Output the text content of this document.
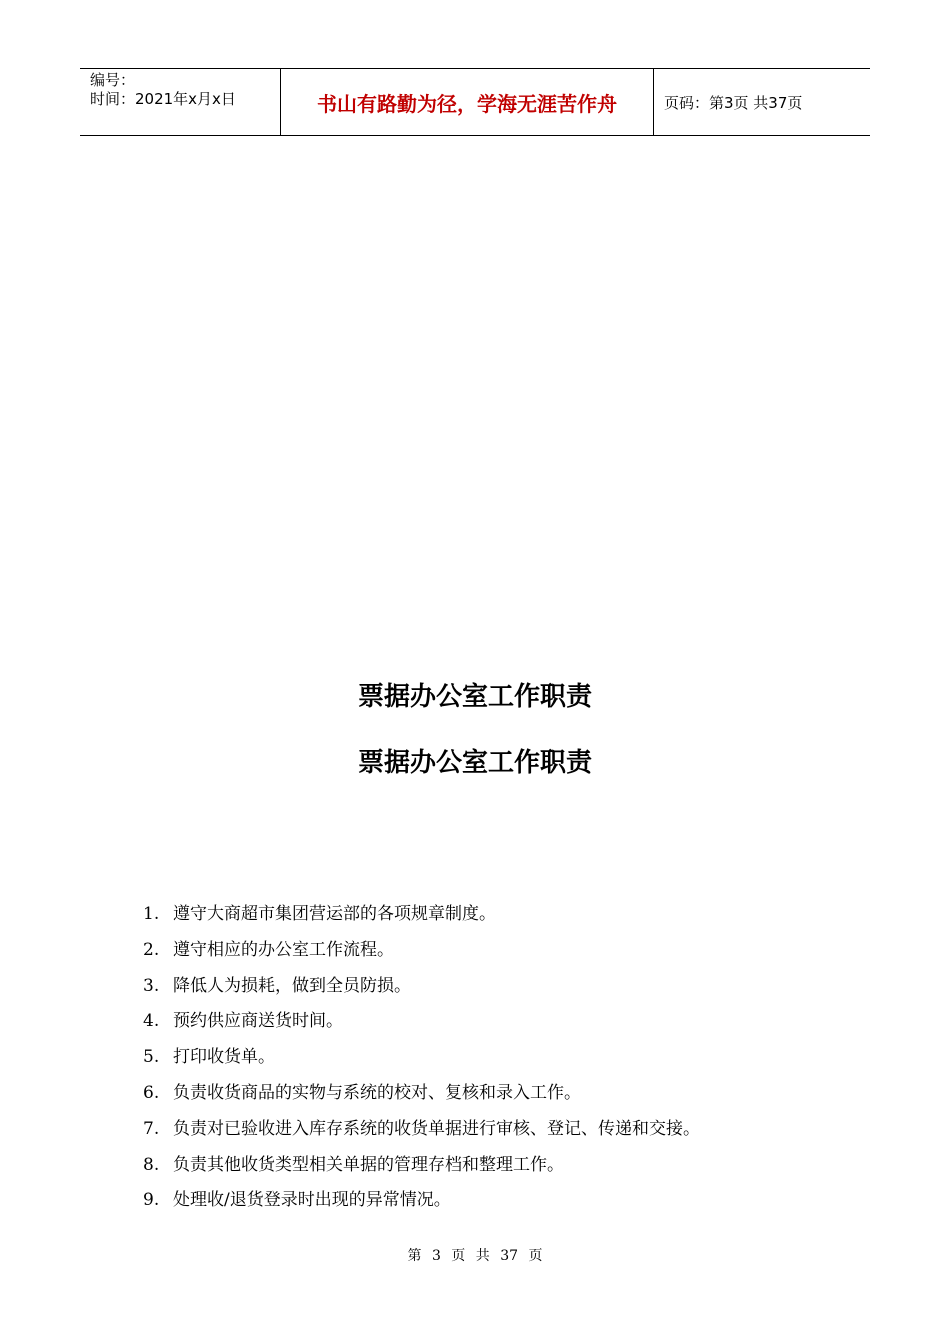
编号：
时间：2021年x月x日	书山有路勤为径，学海无涯苦作舟	页码：第3页 共37页
票据办公室工作职责
票据办公室工作职责
1. 遵守大商超市集团营运部的各项规章制度。
2. 遵守相应的办公室工作流程。
3. 降低人为损耗，做到全员防损。
4. 预约供应商送货时间。
5. 打印收货单。
6. 负责收货商品的实物与系统的校对、复核和录入工作。
7. 负责对已验收进入库存系统的收货单据进行审核、登记、传递和交接。
8. 负责其他收货类型相关单据的管理存档和整理工作。
9. 处理收/退货登录时出现的异常情况。
第 3 页 共 37 页
